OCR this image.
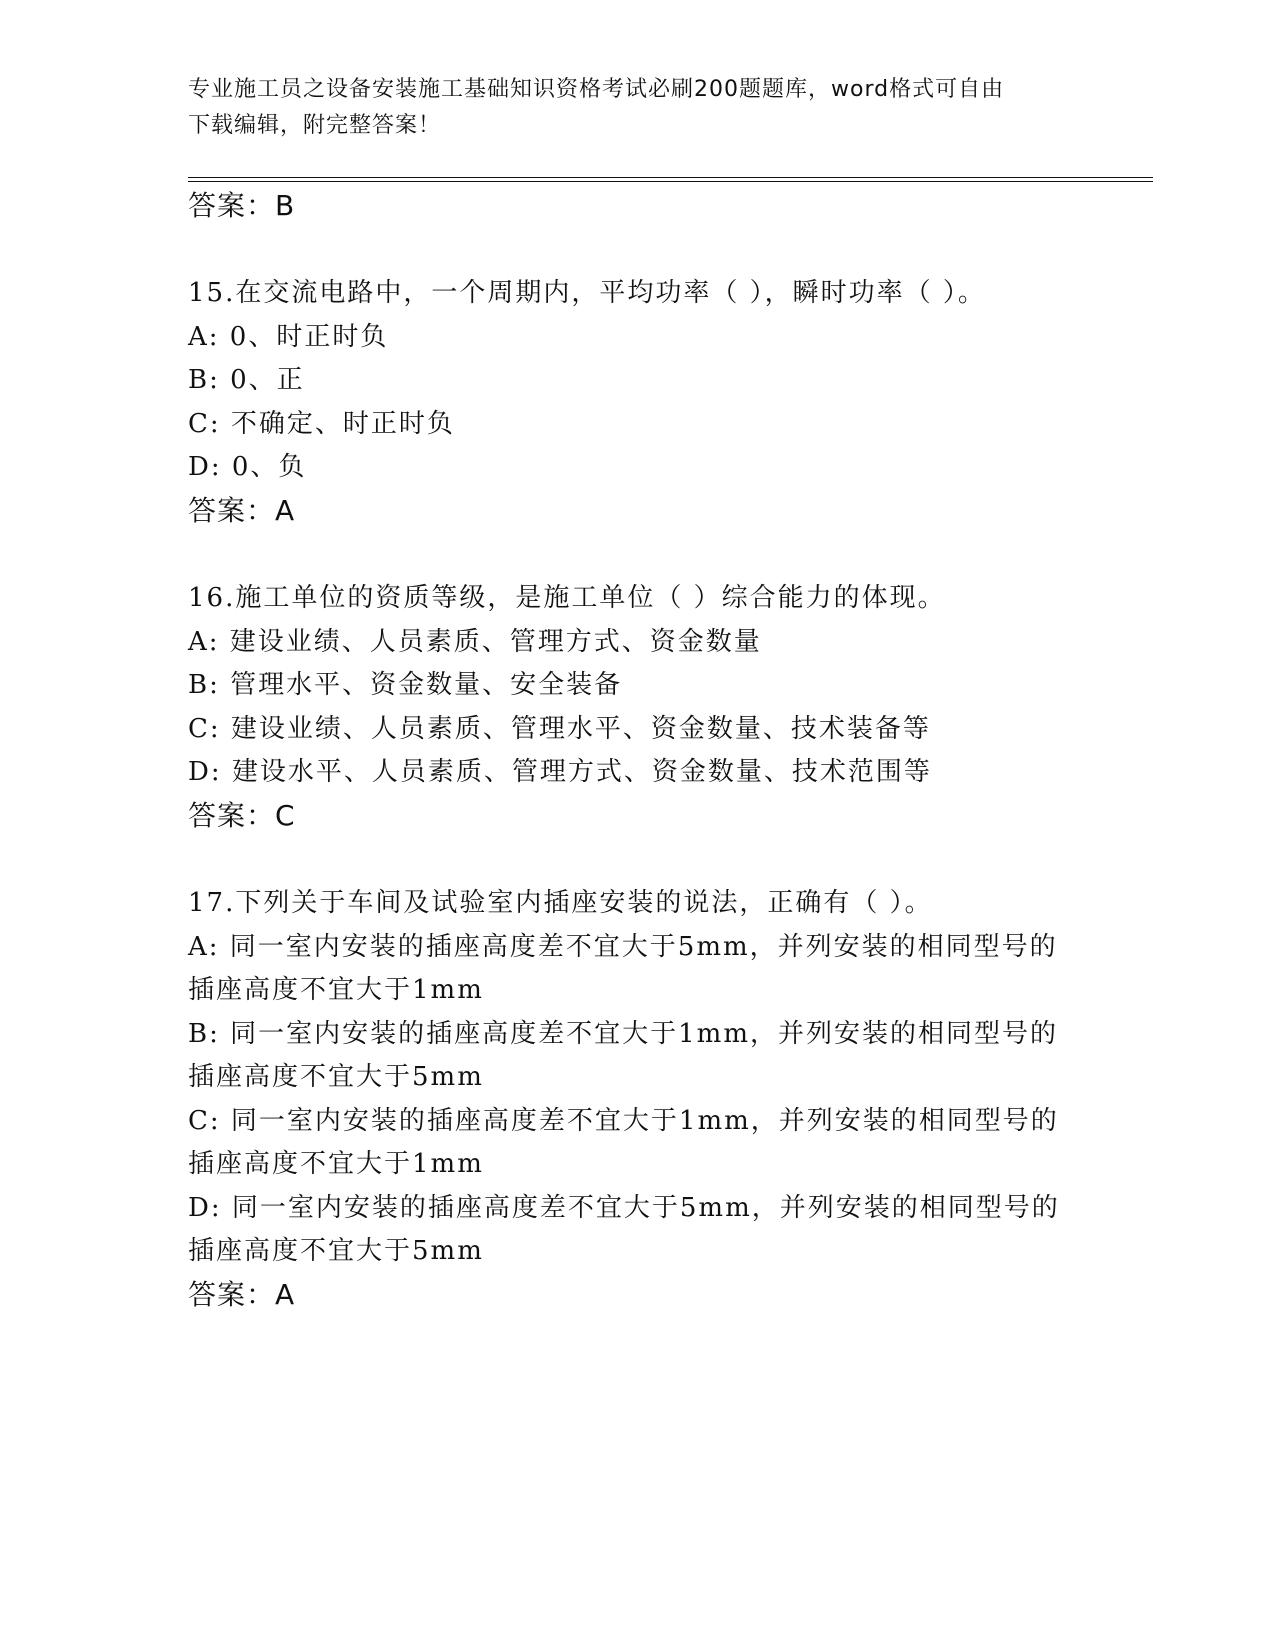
专业施工员之设备安装施工基础知识资格考试必刷200题题库，word格式可自由
下载编辑，附完整答案！
答案：B
15.在交流电路中，一个周期内，平均功率（ ），瞬时功率（ ）。
A: 0、时正时负
B: 0、正
C: 不确定、时正时负
D: 0、负
答案：A
16.施工单位的资质等级，是施工单位（ ）综合能力的体现。
A: 建设业绩、人员素质、管理方式、资金数量
B: 管理水平、资金数量、安全装备
C: 建设业绩、人员素质、管理水平、资金数量、技术装备等
D: 建设水平、人员素质、管理方式、资金数量、技术范围等
答案：C
17.下列关于车间及试验室内插座安装的说法，正确有（ ）。
A: 同一室内安装的插座高度差不宜大于5mm，并列安装的相同型号的
插座高度不宜大于1mm
B: 同一室内安装的插座高度差不宜大于1mm，并列安装的相同型号的
插座高度不宜大于5mm
C: 同一室内安装的插座高度差不宜大于1mm，并列安装的相同型号的
插座高度不宜大于1mm
D: 同一室内安装的插座高度差不宜大于5mm，并列安装的相同型号的
插座高度不宜大于5mm
答案：A
